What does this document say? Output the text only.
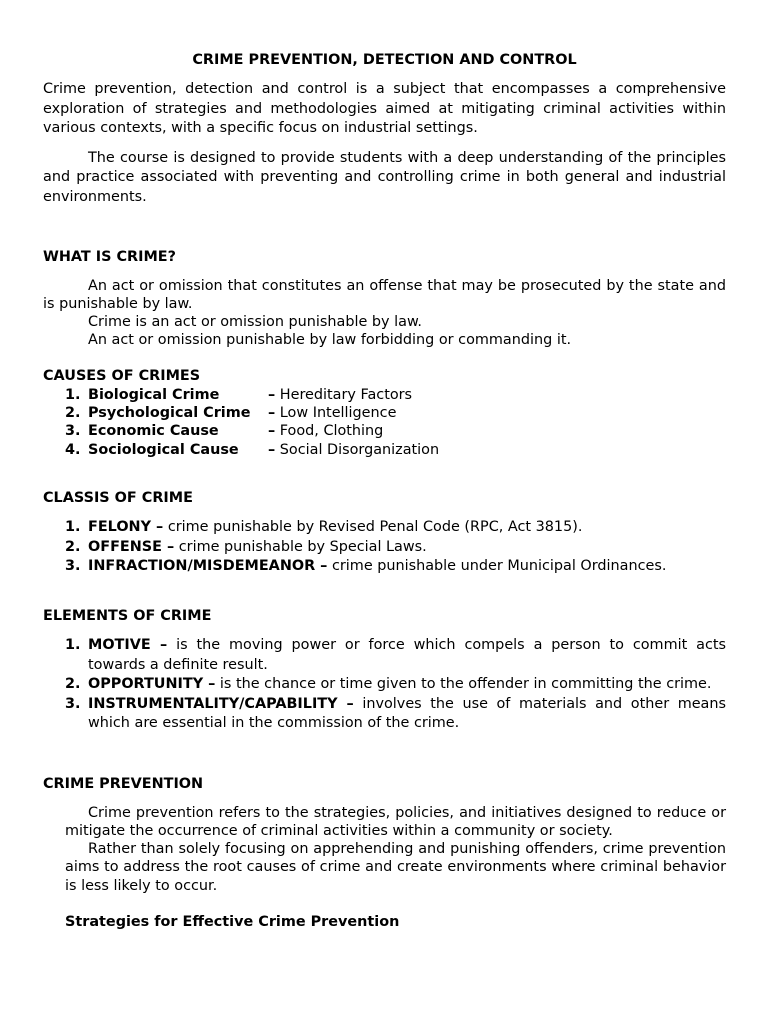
CRIME PREVENTION, DETECTION AND CONTROL

Crime prevention, detection and control is a subject that encompasses a comprehensive exploration of strategies and methodologies aimed at mitigating criminal activities within various contexts, with a specific focus on industrial settings.

The course is designed to provide students with a deep understanding of the principles and practice associated with preventing and controlling crime in both general and industrial environments.

WHAT IS CRIME?

An act or omission that constitutes an offense that may be prosecuted by the state and is punishable by law.

Crime is an act or omission punishable by law.

An act or omission punishable by law forbidding or commanding it.

CAUSES OF CRIMES

1. Biological Crime	– Hereditary Factors
2. Psychological Crime – Low Intelligence
3. Economic Cause	– Food, Clothing
4. Sociological Cause – Social Disorganization

CLASSIS OF CRIME

1. FELONY – crime punishable by Revised Penal Code (RPC, Act 3815).
2. OFFENSE – crime punishable by Special Laws.
3. INFRACTION/MISDEMEANOR – crime punishable under Municipal Ordinances.

ELEMENTS OF CRIME

1. MOTIVE – is the moving power or force which compels a person to commit acts towards a definite result.
2. OPPORTUNITY – is the chance or time given to the offender in committing the crime.
3. INSTRUMENTALITY/CAPABILITY – involves the use of materials and other means which are essential in the commission of the crime.

CRIME PREVENTION

Crime prevention refers to the strategies, policies, and initiatives designed to reduce or mitigate the occurrence of criminal activities within a community or society.

Rather than solely focusing on apprehending and punishing offenders, crime prevention aims to address the root causes of crime and create environments where criminal behavior is less likely to occur.

Strategies for Effective Crime Prevention
